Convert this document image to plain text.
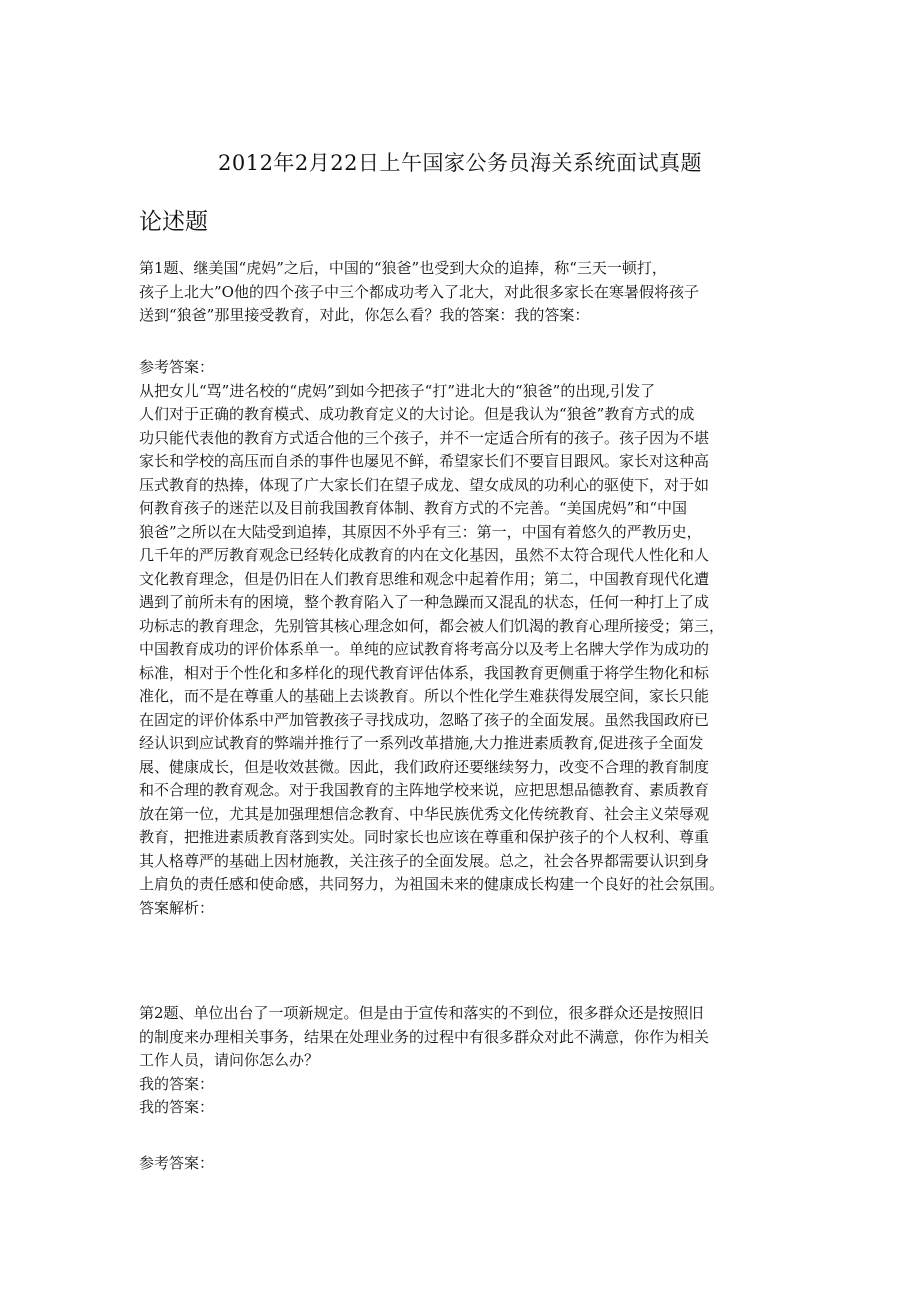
2012年2月22日上午国家公务员海关系统面试真题
论述题
第1题、继美国“虎妈”之后，中国的“狼爸”也受到大众的追捧，称“三天一顿打，
孩子上北大”O他的四个孩子中三个都成功考入了北大，对此很多家长在寒暑假将孩子
送到“狼爸”那里接受教育，对此，你怎么看？我的答案：我的答案：
参考答案：
从把女儿“骂”进名校的“虎妈”到如今把孩子“打”进北大的“狼爸”的出现,引发了
人们对于正确的教育模式、成功教育定义的大讨论。但是我认为“狼爸”教育方式的成
功只能代表他的教育方式适合他的三个孩子，并不一定适合所有的孩子。孩子因为不堪
家长和学校的高压而自杀的事件也屡见不鲜，希望家长们不要盲目跟风。家长对这种高
压式教育的热捧，体现了广大家长们在望子成龙、望女成凤的功利心的驱使下，对于如
何教育孩子的迷茫以及目前我国教育体制、教育方式的不完善。“美国虎妈”和“中国
狼爸”之所以在大陆受到追捧，其原因不外乎有三：第一，中国有着悠久的严教历史，
几千年的严厉教育观念已经转化成教育的内在文化基因，虽然不太符合现代人性化和人
文化教育理念，但是仍旧在人们教育思维和观念中起着作用；第二，中国教育现代化遭
遇到了前所未有的困境，整个教育陷入了一种急躁而又混乱的状态，任何一种打上了成
功标志的教育理念，先别管其核心理念如何，都会被人们饥渴的教育心理所接受；第三，
中国教育成功的评价体系单一。单纯的应试教育将考高分以及考上名牌大学作为成功的
标准，相对于个性化和多样化的现代教育评估体系，我国教育更侧重于将学生物化和标
准化，而不是在尊重人的基础上去谈教育。所以个性化学生难获得发展空间，家长只能
在固定的评价体系中严加管教孩子寻找成功，忽略了孩子的全面发展。虽然我国政府已
经认识到应试教育的弊端并推行了一系列改革措施,大力推进素质教育,促进孩子全面发
展、健康成长，但是收效甚微。因此，我们政府还要继续努力，改变不合理的教育制度
和不合理的教育观念。对于我国教育的主阵地学校来说，应把思想品德教育、素质教育
放在第一位，尤其是加强理想信念教育、中华民族优秀文化传统教育、社会主义荣辱观
教育，把推进素质教育落到实处。同时家长也应该在尊重和保护孩子的个人权利、尊重
其人格尊严的基础上因材施教，关注孩子的全面发展。总之，社会各界都需要认识到身
上肩负的责任感和使命感，共同努力，为祖国未来的健康成长构建一个良好的社会氛围。
答案解析：
第2题、单位出台了一项新规定。但是由于宣传和落实的不到位，很多群众还是按照旧
的制度来办理相关事务，结果在处理业务的过程中有很多群众对此不满意，你作为相关
工作人员，请问你怎么办？
我的答案：
我的答案：
参考答案：
